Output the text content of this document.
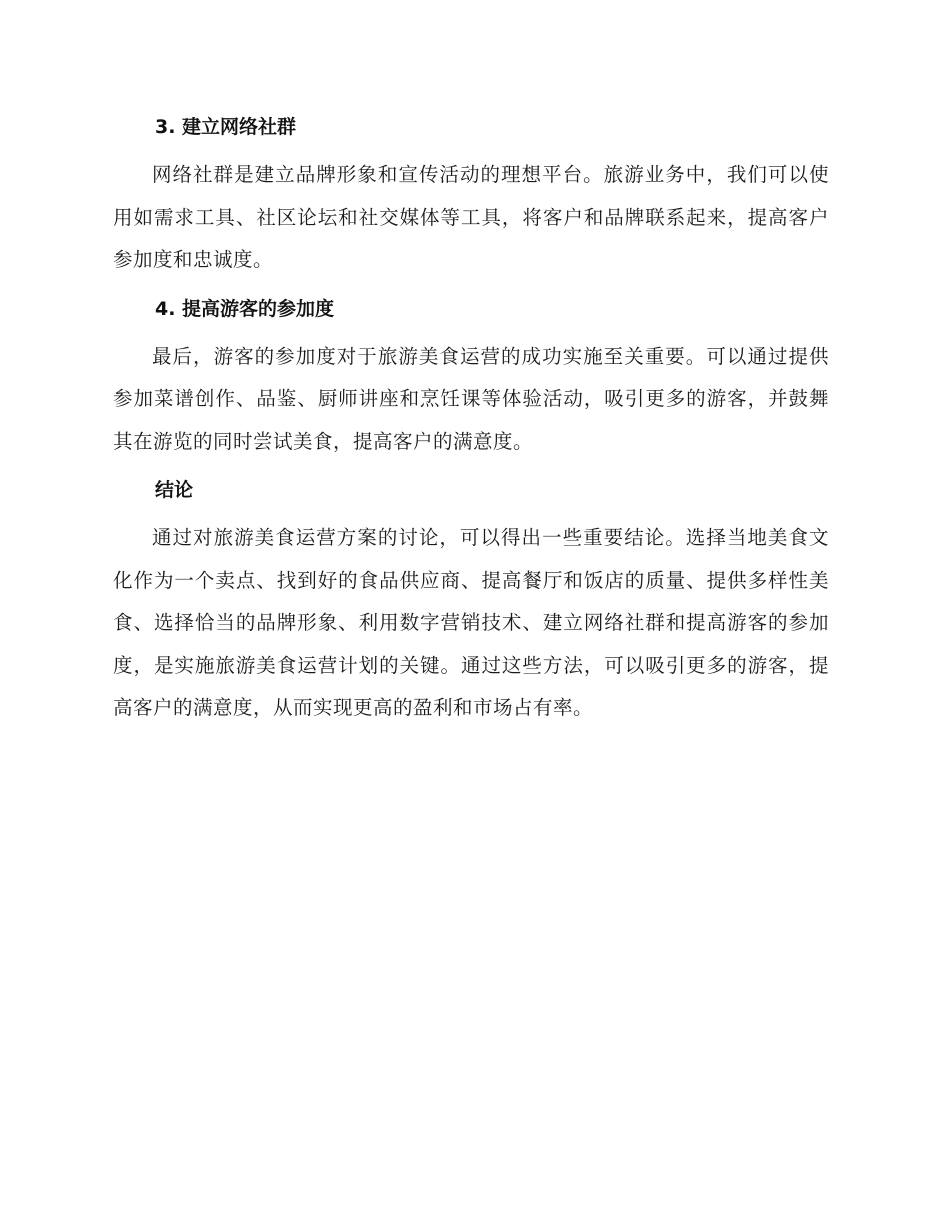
3. 建立网络社群

网络社群是建立品牌形象和宣传活动的理想平台。旅游业务中，我们可以使用如需求工具、社区论坛和社交媒体等工具，将客户和品牌联系起来，提高客户参加度和忠诚度。

4. 提高游客的参加度

最后，游客的参加度对于旅游美食运营的成功实施至关重要。可以通过提供参加菜谱创作、品鉴、厨师讲座和烹饪课等体验活动，吸引更多的游客，并鼓舞其在游览的同时尝试美食，提高客户的满意度。

结论

通过对旅游美食运营方案的讨论，可以得出一些重要结论。选择当地美食文化作为一个卖点、找到好的食品供应商、提高餐厅和饭店的质量、提供多样性美食、选择恰当的品牌形象、利用数字营销技术、建立网络社群和提高游客的参加度，是实施旅游美食运营计划的关键。通过这些方法，可以吸引更多的游客，提高客户的满意度，从而实现更高的盈利和市场占有率。
